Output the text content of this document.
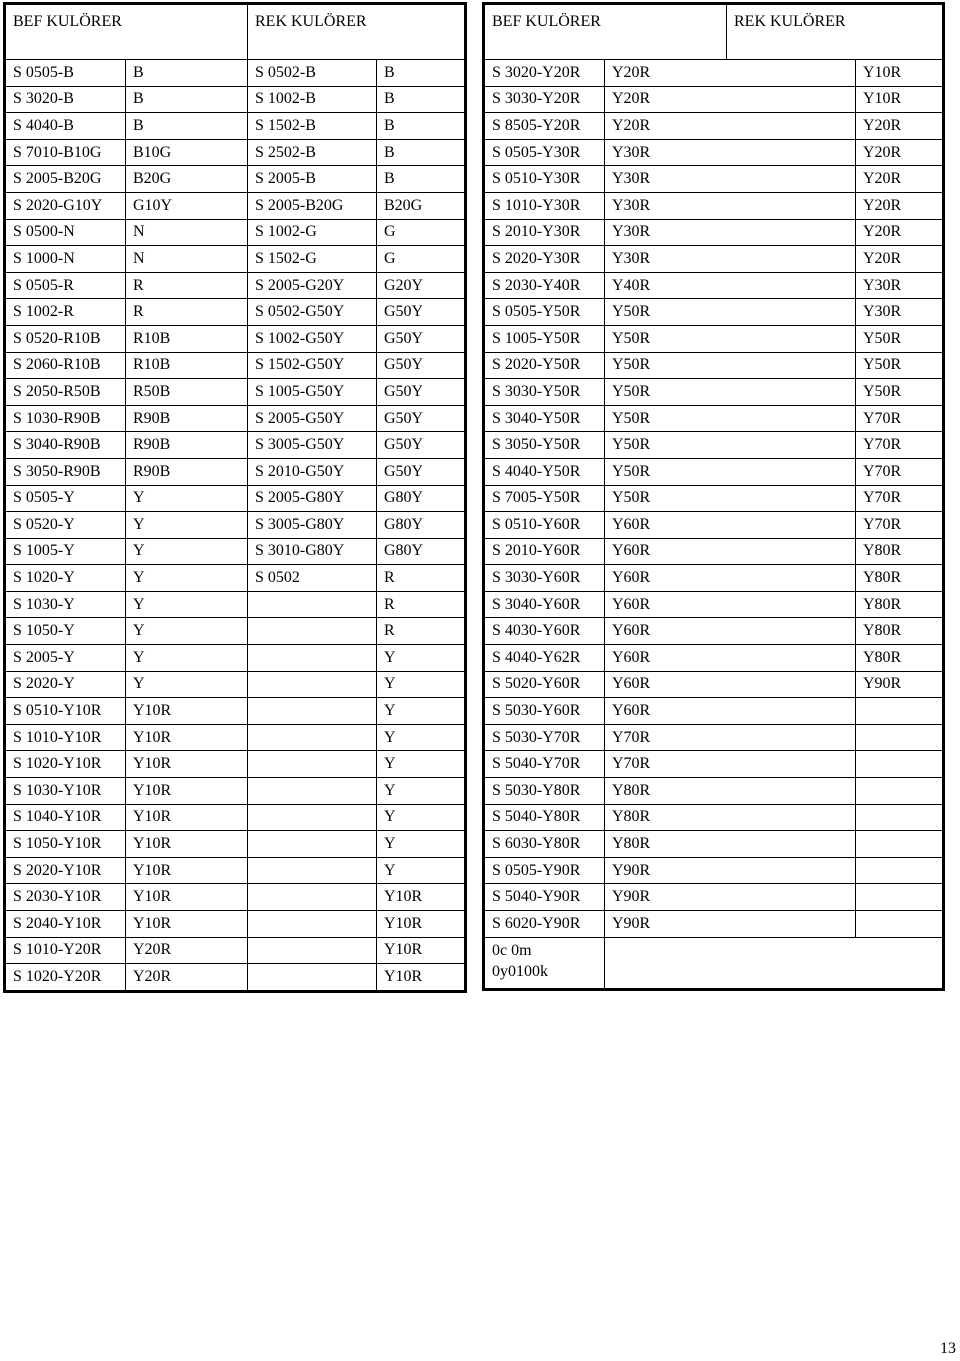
BEF KULÖRER		REK KULÖRER	
S 0505-B	B	S 0502-B	B
S 3020-B	B	S 1002-B	B
S 4040-B	B	S 1502-B	B
S 7010-B10G	B10G	S 2502-B	B
S 2005-B20G	B20G	S 2005-B	B
S 2020-G10Y	G10Y	S 2005-B20G	B20G
S 0500-N	N	S 1002-G	G
S 1000-N	N	S 1502-G	G
S 0505-R	R	S 2005-G20Y	G20Y
S 1002-R	R	S 0502-G50Y	G50Y
S 0520-R10B	R10B	S 1002-G50Y	G50Y
S 2060-R10B	R10B	S 1502-G50Y	G50Y
S 2050-R50B	R50B	S 1005-G50Y	G50Y
S 1030-R90B	R90B	S 2005-G50Y	G50Y
S 3040-R90B	R90B	S 3005-G50Y	G50Y
S 3050-R90B	R90B	S 2010-G50Y	G50Y
S 0505-Y	Y	S 2005-G80Y	G80Y
S 0520-Y	Y	S 3005-G80Y	G80Y
S 1005-Y	Y	S 3010-G80Y	G80Y
S 1020-Y	Y	S 0502	R
S 1030-Y	Y		R
S 1050-Y	Y		R
S 2005-Y	Y		Y
S 2020-Y	Y		Y
S 0510-Y10R	Y10R		Y
S 1010-Y10R	Y10R		Y
S 1020-Y10R	Y10R		Y
S 1030-Y10R	Y10R		Y
S 1040-Y10R	Y10R		Y
S 1050-Y10R	Y10R		Y
S 2020-Y10R	Y10R		Y
S 2030-Y10R	Y10R		Y10R
S 2040-Y10R	Y10R		Y10R
S 1010-Y20R	Y20R		Y10R
S 1020-Y20R	Y20R		Y10R
BEF KULÖRER		REK KULÖRER	
S 3020-Y20R	Y20R		Y10R
S 3030-Y20R	Y20R		Y10R
S 8505-Y20R	Y20R		Y20R
S 0505-Y30R	Y30R		Y20R
S 0510-Y30R	Y30R		Y20R
S 1010-Y30R	Y30R		Y20R
S 2010-Y30R	Y30R		Y20R
S 2020-Y30R	Y30R		Y20R
S 2030-Y40R	Y40R		Y30R
S 0505-Y50R	Y50R		Y30R
S 1005-Y50R	Y50R		Y50R
S 2020-Y50R	Y50R		Y50R
S 3030-Y50R	Y50R		Y50R
S 3040-Y50R	Y50R		Y70R
S 3050-Y50R	Y50R		Y70R
S 4040-Y50R	Y50R		Y70R
S 7005-Y50R	Y50R		Y70R
S 0510-Y60R	Y60R		Y70R
S 2010-Y60R	Y60R		Y80R
S 3030-Y60R	Y60R		Y80R
S 3040-Y60R	Y60R		Y80R
S 4030-Y60R	Y60R		Y80R
S 4040-Y62R	Y60R		Y80R
S 5020-Y60R	Y60R		Y90R
S 5030-Y60R	Y60R		
S 5030-Y70R	Y70R		
S 5040-Y70R	Y70R		
S 5030-Y80R	Y80R		
S 5040-Y80R	Y80R		
S 6030-Y80R	Y80R		
S 0505-Y90R	Y90R		
S 5040-Y90R	Y90R		
S 6020-Y90R	Y90R		

0c 0m
0y0100k			

13
